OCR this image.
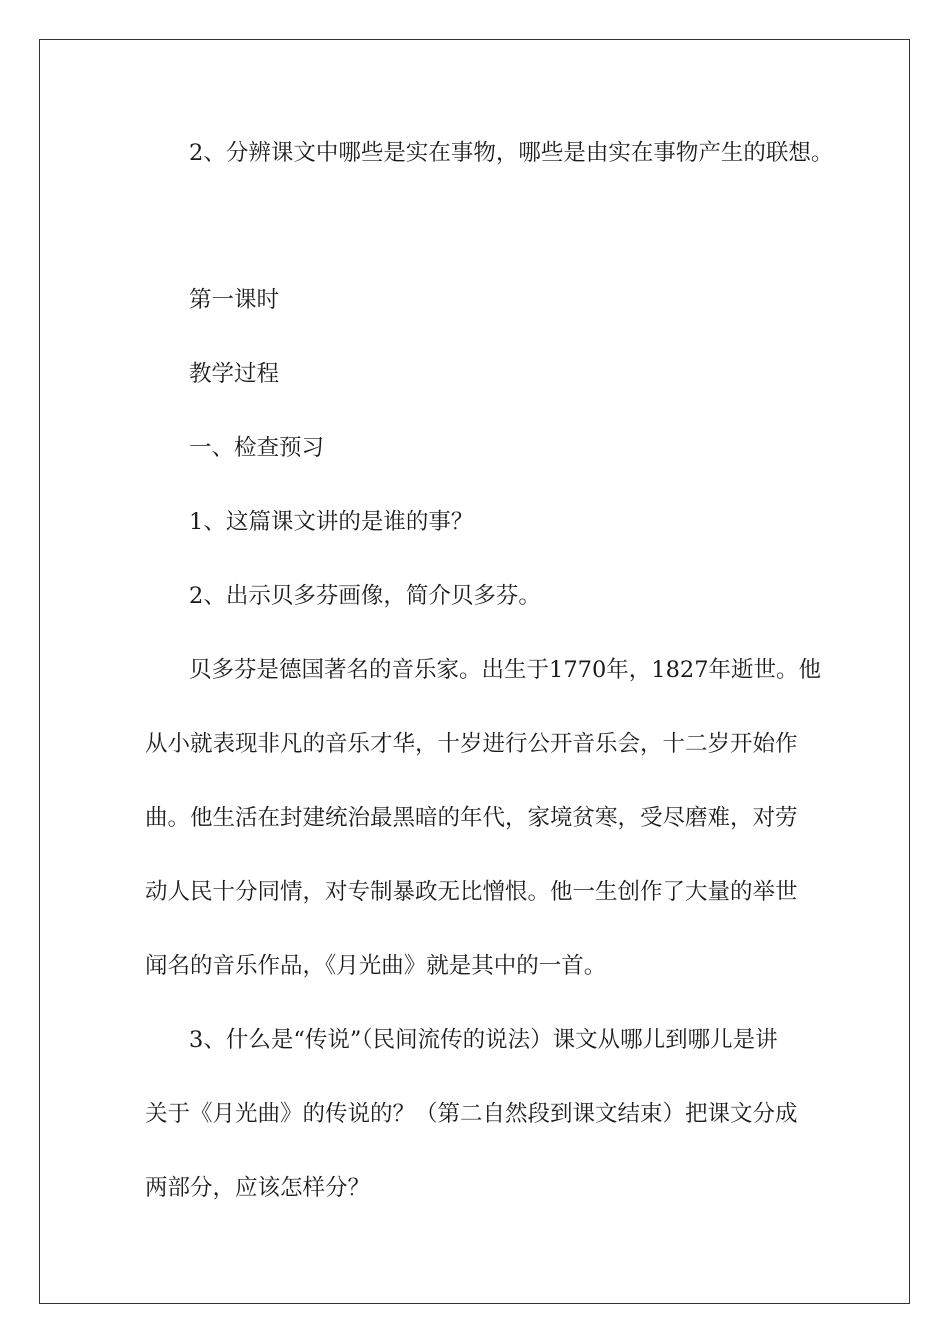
2、分辨课文中哪些是实在事物，哪些是由实在事物产生的联想。
第一课时
教学过程
一、检查预习
1、这篇课文讲的是谁的事？
2、出示贝多芬画像，简介贝多芬。
贝多芬是德国著名的音乐家。出生于1770年，1827年逝世。他
从小就表现非凡的音乐才华，十岁进行公开音乐会，十二岁开始作
曲。他生活在封建统治最黑暗的年代，家境贫寒，受尽磨难，对劳
动人民十分同情，对专制暴政无比憎恨。他一生创作了大量的举世
闻名的音乐作品，《月光曲》就是其中的一首。
3、什么是“传说”（民间流传的说法）课文从哪儿到哪儿是讲
关于《月光曲》的传说的？（第二自然段到课文结束）把课文分成
两部分，应该怎样分？
